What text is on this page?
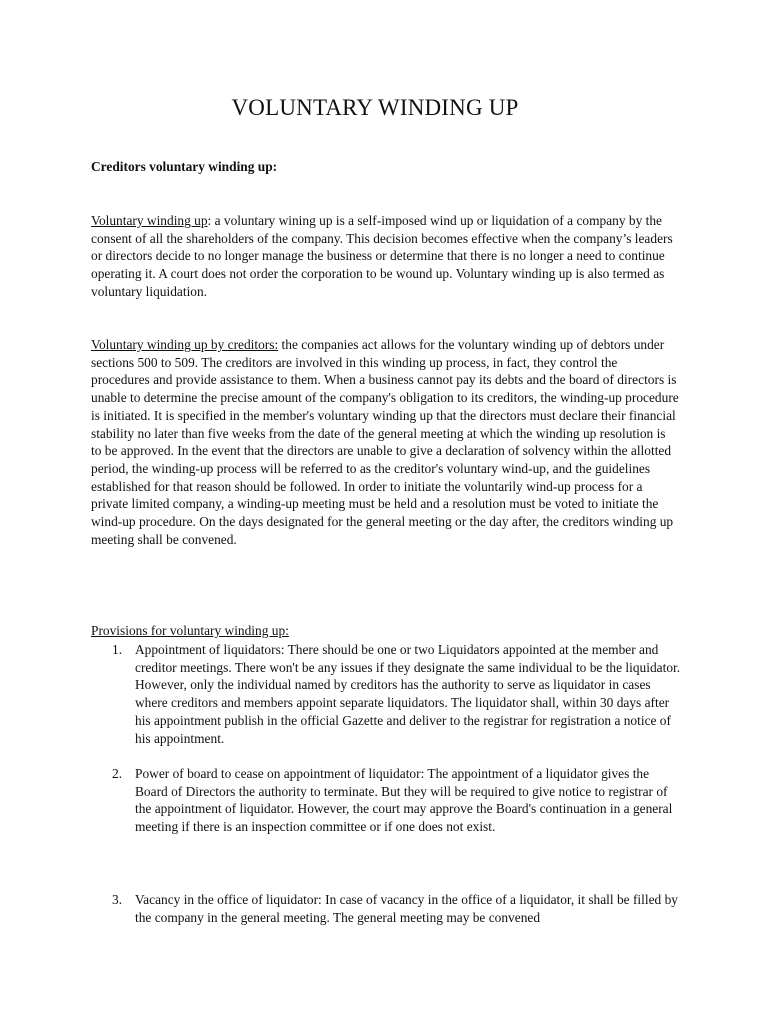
VOLUNTARY WINDING UP

Creditors voluntary winding up:

Voluntary winding up: a voluntary wining up is a self-imposed wind up or liquidation of a company by the consent of all the shareholders of the company. This decision becomes effective when the company’s leaders or directors decide to no longer manage the business or determine that there is no longer a need to continue operating it. A court does not order the corporation to be wound up. Voluntary winding up is also termed as voluntary liquidation.

Voluntary winding up by creditors: the companies act allows for the voluntary winding up of debtors under sections 500 to 509. The creditors are involved in this winding up process, in fact, they control the procedures and provide assistance to them. When a business cannot pay its debts and the board of directors is unable to determine the precise amount of the company's obligation to its creditors, the winding-up procedure is initiated. It is specified in the member's voluntary winding up that the directors must declare their financial stability no later than five weeks from the date of the general meeting at which the winding up resolution is to be approved. In the event that the directors are unable to give a declaration of solvency within the allotted period, the winding-up process will be referred to as the creditor's voluntary wind-up, and the guidelines established for that reason should be followed. In order to initiate the voluntarily wind-up process for a private limited company, a winding-up meeting must be held and a resolution must be voted to initiate the wind-up procedure. On the days designated for the general meeting or the day after, the creditors winding up meeting shall be convened.

Provisions for voluntary winding up:

1. Appointment of liquidators: There should be one or two Liquidators appointed at the member and creditor meetings. There won't be any issues if they designate the same individual to be the liquidator. However, only the individual named by creditors has the authority to serve as liquidator in cases where creditors and members appoint separate liquidators. The liquidator shall, within 30 days after his appointment publish in the official Gazette and deliver to the registrar for registration a notice of his appointment.
2. Power of board to cease on appointment of liquidator: The appointment of a liquidator gives the Board of Directors the authority to terminate. But they will be required to give notice to registrar of the appointment of liquidator. However, the court may approve the Board's continuation in a general meeting if there is an inspection committee or if one does not exist.
3. Vacancy in the office of liquidator: In case of vacancy in the office of a liquidator, it shall be filled by the company in the general meeting. The general meeting may be convened
